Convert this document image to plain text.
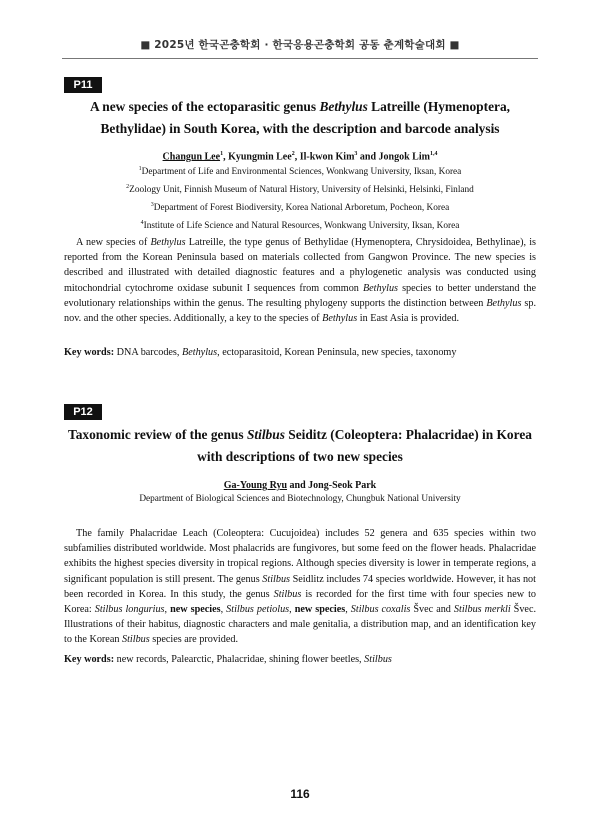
■ 2025년 한국곤충학회 · 한국응용곤충학회 공동 춘계학술대회 ■
P11
A new species of the ectoparasitic genus Bethylus Latreille (Hymenoptera, Bethylidae) in South Korea, with the description and barcode analysis

Changun Lee$^1$, Kyungmin Lee$^2$, Il-kwon Kim$^3$ and Jongok Lim$^{1,4}$

$^1$Department of Life and Environmental Sciences, Wonkwang University, Iksan, Korea
$^2$Zoology Unit, Finnish Museum of Natural History, University of Helsinki, Helsinki, Finland
$^3$Department of Forest Biodiversity, Korea National Arboretum, Pocheon, Korea
$^4$Institute of Life Science and Natural Resources, Wonkwang University, Iksan, Korea

A new species of Bethylus Latreille, the type genus of Bethylidae (Hymenoptera, Chrysidoidea, Bethylinae), is reported from the Korean Peninsula based on materials collected from Gangwon Province. The new species is described and illustrated with detailed diagnostic features and a phylogenetic analysis was conducted using mitochondrial cytochrome oxidase subunit I sequences from common Bethylus species to better understand the evolutionary relationships within the genus. The resulting phylogeny supports the distinction between Bethylus sp. nov. and the other species. Additionally, a key to the species of Bethylus in East Asia is provided.

Key words: DNA barcodes, Bethylus, ectoparasitoid, Korean Peninsula, new species, taxonomy

P12
Taxonomic review of the genus Stilbus Seiditz (Coleoptera: Phalacridae) in Korea with descriptions of two new species

Ga-Young Ryu and Jong-Seok Park

Department of Biological Sciences and Biotechnology, Chungbuk National University

The family Phalacridae Leach (Coleoptera: Cucujoidea) includes 52 genera and 635 species within two subfamilies distributed worldwide. Most phalacrids are fungivores, but some feed on the flower heads. Phalacridae exhibits the highest species diversity in tropical regions. Although species diversity is lower in temperate regions, a significant population is still present. The genus Stilbus Seidlitz includes 74 species worldwide. However, it has not been recorded in Korea. In this study, the genus Stilbus is recorded for the first time with four species new to Korea: Stilbus longurius, new species, Stilbus petiolus, new species, Stilbus coxalis Švec and Stilbus merkli Švec. Illustrations of their habitus, diagnostic characters and male genitalia, a distribution map, and an identification key to the Korean Stilbus species are provided.

Key words: new records, Palearctic, Phalacridae, shining flower beetles, Stilbus

116
